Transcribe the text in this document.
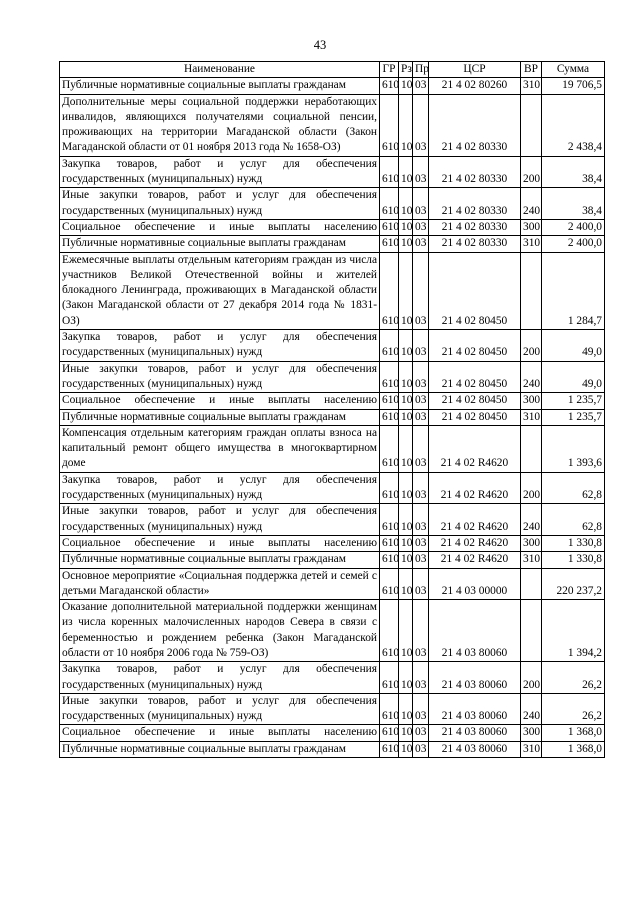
43
Наименование	ГР	Рз	Пр	ЦСР	ВР	Сумма
Публичные нормативные социальные выплаты гражданам	610	10	03	21 4 02 80260	310	19 706,5
Дополнительные меры социальной поддержки неработающих инвалидов, являющихся получателями социальной пенсии, проживающих на территории Магаданской области (Закон Магаданской области от 01 ноября 2013 года № 1658-ОЗ)	610	10	03	21 4 02 80330		2 438,4
Закупка товаров, работ и услуг для обеспечения государственных (муниципальных) нужд	610	10	03	21 4 02 80330	200	38,4
Иные закупки товаров, работ и услуг для обеспечения государственных (муниципальных) нужд	610	10	03	21 4 02 80330	240	38,4
Социальное обеспечение и иные выплаты населению	610	10	03	21 4 02 80330	300	2 400,0
Публичные нормативные социальные выплаты гражданам	610	10	03	21 4 02 80330	310	2 400,0
Ежемесячные выплаты отдельным категориям граждан из числа участников Великой Отечественной войны и жителей блокадного Ленинграда, проживающих в Магаданской области (Закон Магаданской области от 27 декабря 2014 года № 1831-ОЗ)	610	10	03	21 4 02 80450		1 284,7
Закупка товаров, работ и услуг для обеспечения государственных (муниципальных) нужд	610	10	03	21 4 02 80450	200	49,0
Иные закупки товаров, работ и услуг для обеспечения государственных (муниципальных) нужд	610	10	03	21 4 02 80450	240	49,0
Социальное обеспечение и иные выплаты населению	610	10	03	21 4 02 80450	300	1 235,7
Публичные нормативные социальные выплаты гражданам	610	10	03	21 4 02 80450	310	1 235,7
Компенсация отдельным категориям граждан оплаты взноса на капитальный ремонт общего имущества в многоквартирном доме	610	10	03	21 4 02 R4620		1 393,6
Закупка товаров, работ и услуг для обеспечения государственных (муниципальных) нужд	610	10	03	21 4 02 R4620	200	62,8
Иные закупки товаров, работ и услуг для обеспечения государственных (муниципальных) нужд	610	10	03	21 4 02 R4620	240	62,8
Социальное обеспечение и иные выплаты населению	610	10	03	21 4 02 R4620	300	1 330,8
Публичные нормативные социальные выплаты гражданам	610	10	03	21 4 02 R4620	310	1 330,8
Основное мероприятие «Социальная поддержка детей и семей с детьми Магаданской области»	610	10	03	21 4 03 00000		220 237,2
Оказание дополнительной материальной поддержки женщинам из числа коренных малочисленных народов Севера в связи с беременностью и рождением ребенка (Закон Магаданской области от 10 ноября 2006 года № 759-ОЗ)	610	10	03	21 4 03 80060		1 394,2
Закупка товаров, работ и услуг для обеспечения государственных (муниципальных) нужд	610	10	03	21 4 03 80060	200	26,2
Иные закупки товаров, работ и услуг для обеспечения государственных (муниципальных) нужд	610	10	03	21 4 03 80060	240	26,2
Социальное обеспечение и иные выплаты населению	610	10	03	21 4 03 80060	300	1 368,0
Публичные нормативные социальные выплаты гражданам	610	10	03	21 4 03 80060	310	1 368,0
